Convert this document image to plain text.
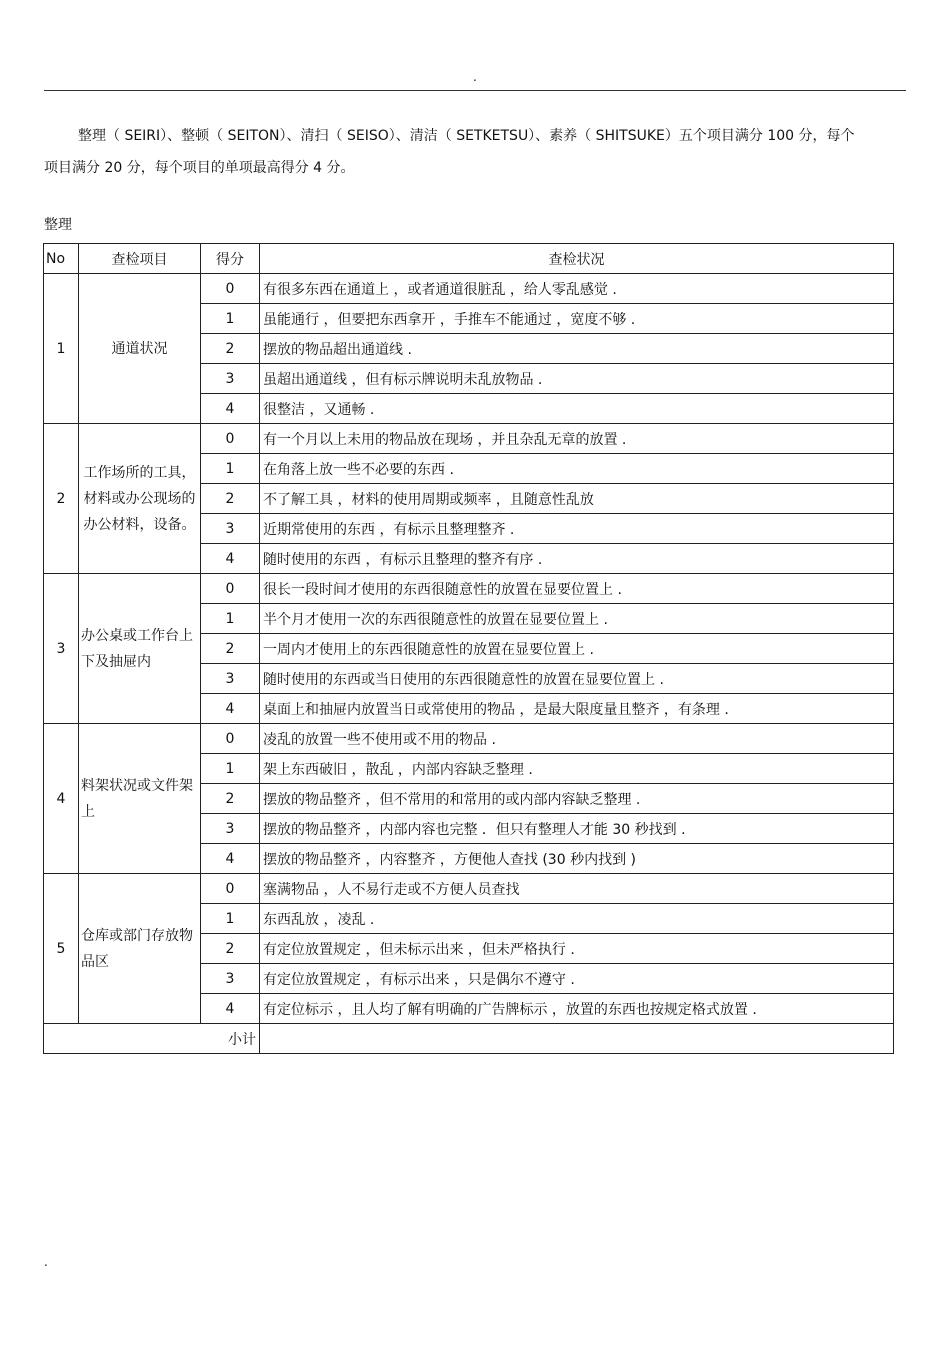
.
整理（ SEIRI）、整顿（ SEITON）、清扫（ SEISO）、清洁（ SETKETSU）、素养（ SHITSUKE）五个项目满分 100 分，每个
项目满分 20 分，每个项目的单项最高得分 4 分。
整理
No	查检项目	得分	查检状况
1	通道状况	0	有很多东西在通道上 ，或者通道很脏乱 ，给人零乱感觉 .
		1	虽能通行 ，但要把东西拿开 ，手推车不能通过 ，宽度不够 .
		2	摆放的物品超出通道线 .
		3	虽超出通道线 ，但有标示牌说明未乱放物品 .
		4	很整洁 ，又通畅 .
2	工作场所的工具，材料或办公现场的办公材料，设备。	0	有一个月以上未用的物品放在现场 ，并且杂乱无章的放置 .
		1	在角落上放一些不必要的东西 .
		2	不了解工具 ，材料的使用周期或频率 ，且随意性乱放
		3	近期常使用的东西 ，有标示且整理整齐 .
		4	随时使用的东西 ，有标示且整理的整齐有序 .
3	办公桌或工作台上下及抽屉内	0	很长一段时间才使用的东西很随意性的放置在显要位置上 .
		1	半个月才使用一次的东西很随意性的放置在显要位置上 .
		2	一周内才使用上的东西很随意性的放置在显要位置上 .
		3	随时使用的东西或当日使用的东西很随意性的放置在显要位置上 .
		4	桌面上和抽屉内放置当日或常使用的物品 ，是最大限度量且整齐 ，有条理 .
4	料架状况或文件架上	0	凌乱的放置一些不使用或不用的物品 .
		1	架上东西破旧 ，散乱 ，内部内容缺乏整理 .
		2	摆放的物品整齐 ，但不常用的和常用的或内部内容缺乏整理 .
		3	摆放的物品整齐 ，内部内容也完整 ．但只有整理人才能 30 秒找到 .
		4	摆放的物品整齐 ，内容整齐 ，方便他人查找 (30 秒内找到 )
5	仓库或部门存放物品区	0	塞满物品 ，人不易行走或不方便人员查找
		1	东西乱放 ，凌乱 .
		2	有定位放置规定 ，但未标示出来 ，但未严格执行 .
		3	有定位放置规定 ，有标示出来 ，只是偶尔不遵守 .
		4	有定位标示 ，且人均了解有明确的广告牌标示 ，放置的东西也按规定格式放置 .
小计			
.
